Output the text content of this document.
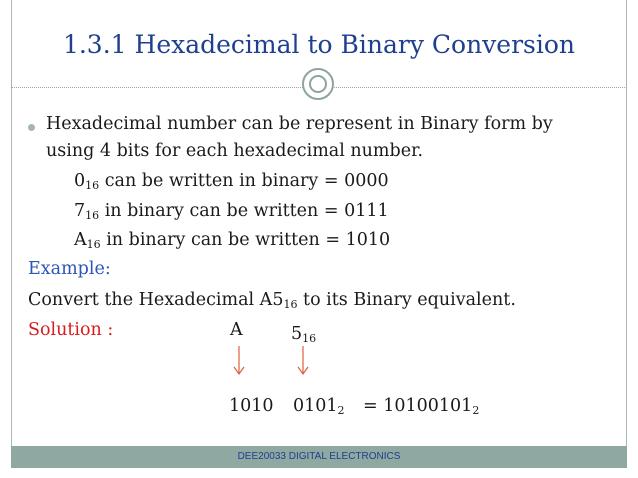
1.3.1 Hexadecimal to Binary Conversion
Hexadecimal number can be represent in Binary form by
using 4 bits for each hexadecimal number.
$0_{16}$ can be written in binary = 0000
$7_{16}$ in binary can be written = 0111
$A_{16}$ in binary can be written = 1010
Example:
Convert the Hexadecimal $A5_{16}$ to its Binary equivalent.
Solution :	A	$5_{16}$
1010 $0101_2 = 10100101_2$
DEE20033 DIGITAL ELECTRONICS
